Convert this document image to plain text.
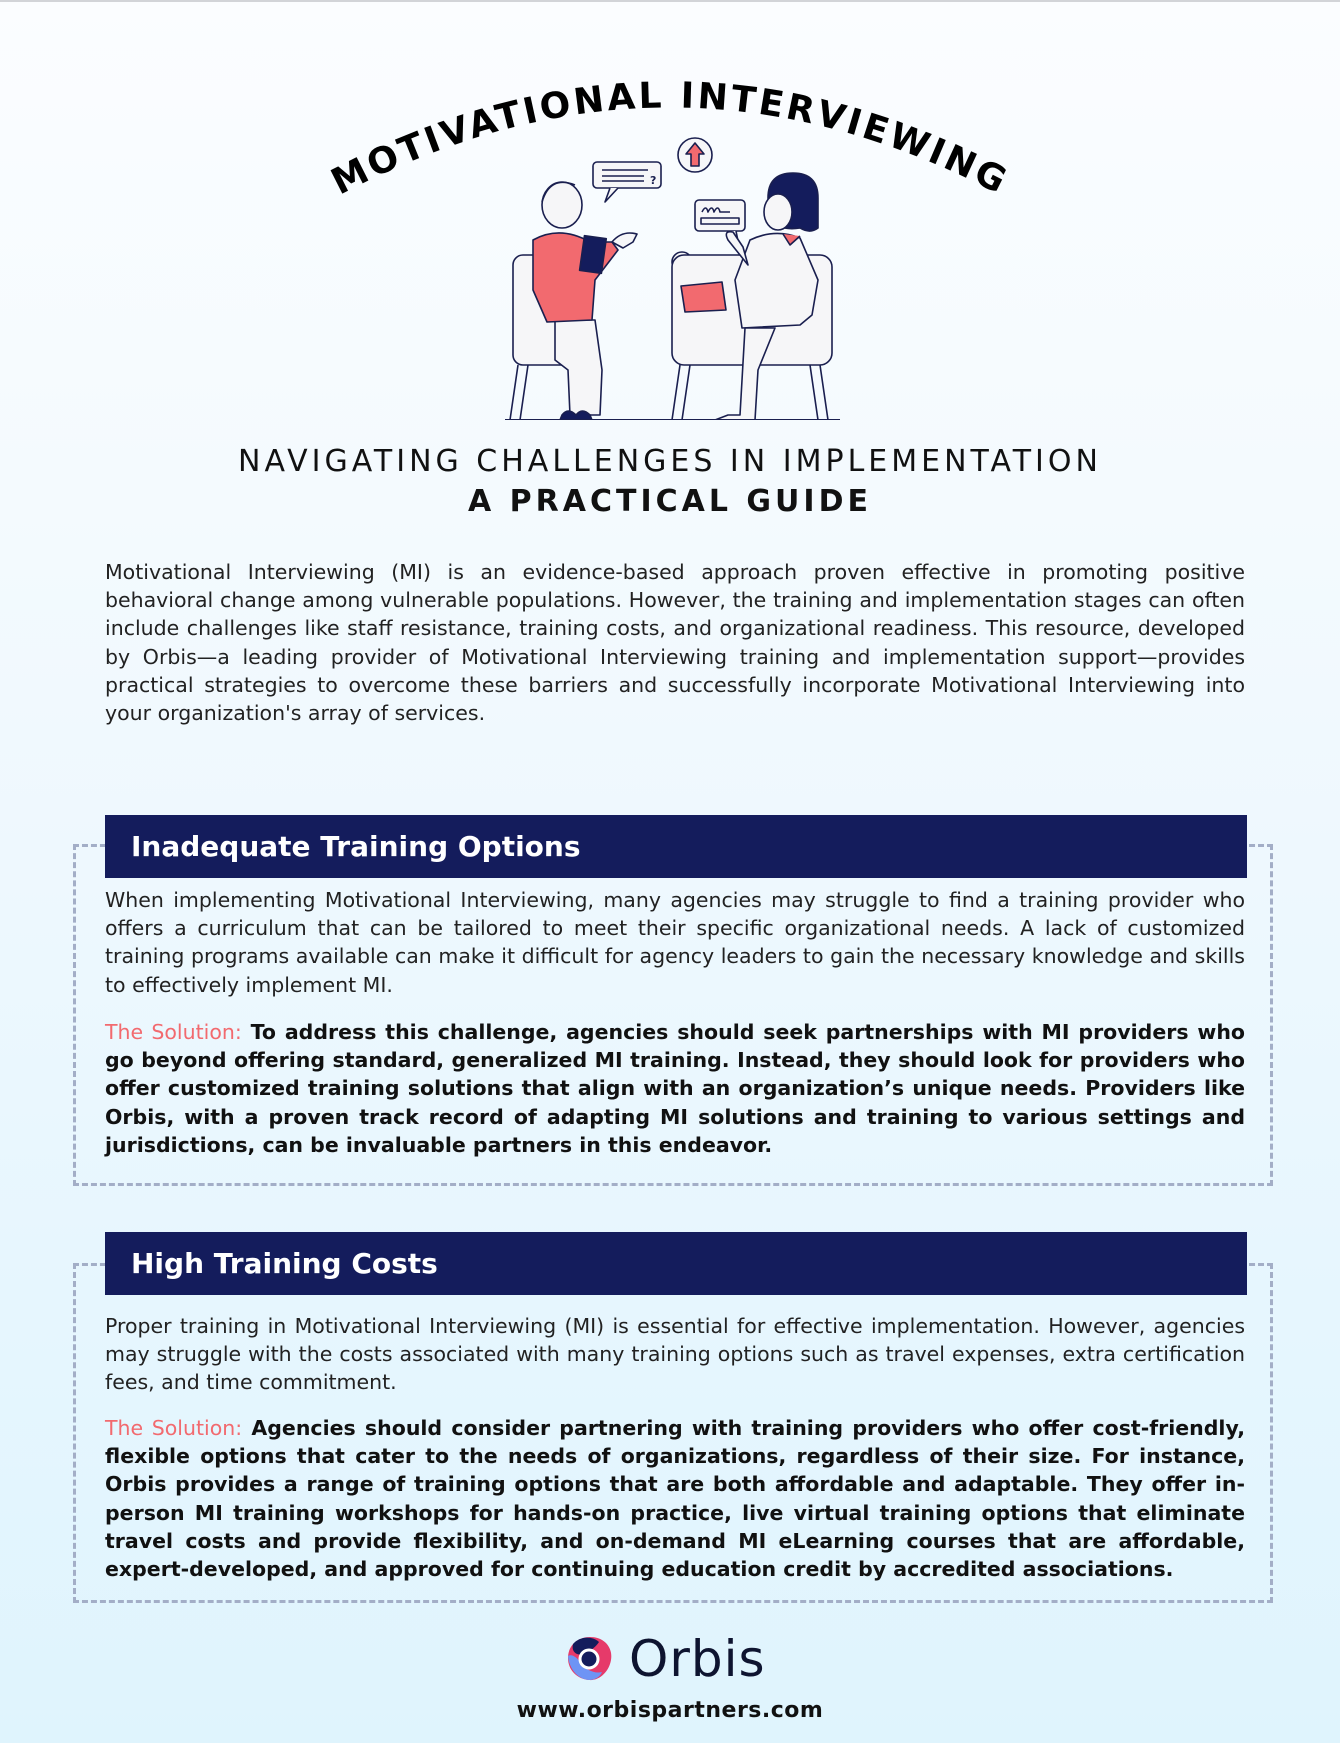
MOTIVATIONAL INTERVIEWING
?
NAVIGATING CHALLENGES IN IMPLEMENTATION
A PRACTICAL GUIDE
Motivational Interviewing (MI) is an evidence-based approach proven effective in promoting positive behavioral change among vulnerable populations. However, the training and implementation stages can often include challenges like staff resistance, training costs, and organizational readiness. This resource, developed by Orbis—a leading provider of Motivational Interviewing training and implementation support—provides practical strategies to overcome these barriers and successfully incorporate Motivational Interviewing into your organization's array of services.
Inadequate Training Options
When implementing Motivational Interviewing, many agencies may struggle to find a training provider who offers a curriculum that can be tailored to meet their specific organizational needs. A lack of customized training programs available can make it difficult for agency leaders to gain the necessary knowledge and skills to effectively implement MI.
The Solution: To address this challenge, agencies should seek partnerships with MI providers who go beyond offering standard, generalized MI training. Instead, they should look for providers who offer customized training solutions that align with an organization’s unique needs. Providers like Orbis, with a proven track record of adapting MI solutions and training to various settings and jurisdictions, can be invaluable partners in this endeavor.
High Training Costs
Proper training in Motivational Interviewing (MI) is essential for effective implementation. However, agencies may struggle with the costs associated with many training options such as travel expenses, extra certification fees, and time commitment.
The Solution: Agencies should consider partnering with training providers who offer cost-friendly, flexible options that cater to the needs of organizations, regardless of their size. For instance, Orbis provides a range of training options that are both affordable and adaptable. They offer in-person MI training workshops for hands-on practice, live virtual training options that eliminate travel costs and provide flexibility, and on-demand MI eLearning courses that are affordable, expert-developed, and approved for continuing education credit by accredited associations.
Orbis
www.orbispartners.com
